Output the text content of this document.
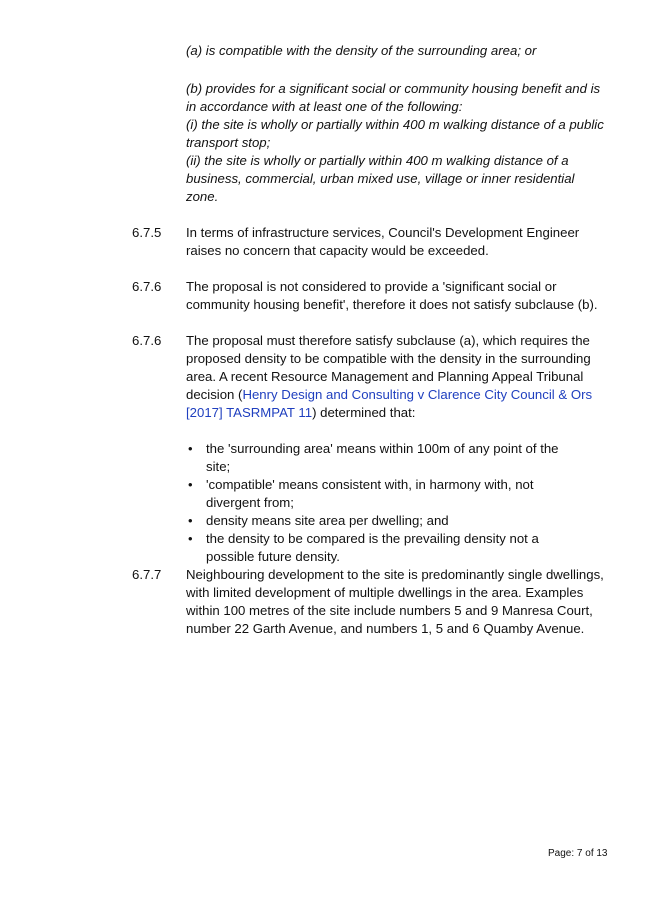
(a) is compatible with the density of the surrounding area; or

(b) provides for a significant social or community housing benefit and is in accordance with at least one of the following:

(i) the site is wholly or partially within 400 m walking distance of a public transport stop;

(ii) the site is wholly or partially within 400 m walking distance of a business, commercial, urban mixed use, village or inner residential zone.

6.7.5	In terms of infrastructure services, Council's Development Engineer raises no concern that capacity would be exceeded.

6.7.6	The proposal is not considered to provide a 'significant social or community housing benefit', therefore it does not satisfy subclause (b).

6.7.6	The proposal must therefore satisfy subclause (a), which requires the proposed density to be compatible with the density in the surrounding area. A recent Resource Management and Planning Appeal Tribunal decision (Henry Design and Consulting v Clarence City Council & Ors [2017] TASRMPAT 11) determined that:

• the 'surrounding area' means within 100m of any point of the site;
• 'compatible' means consistent with, in harmony with, not divergent from;
• density means site area per dwelling; and
• the density to be compared is the prevailing density not a possible future density.
6.7.7	Neighbouring development to the site is predominantly single dwellings, with limited development of multiple dwellings in the area. Examples within 100 metres of the site include numbers 5 and 9 Manresa Court, number 22 Garth Avenue, and numbers 1, 5 and 6 Quamby Avenue.

Page: 7 of 13
